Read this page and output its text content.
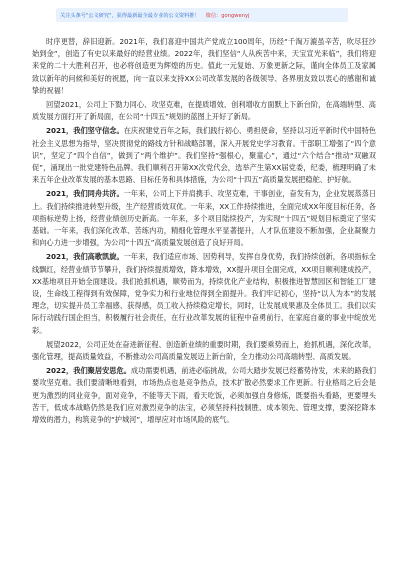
关注头条号"公文研究"，获得最新最全最专业的公文资料推！ 微信：gongwenyj

时序更替，辞旧迎新。2021年，我们喜迎中国共产党成立100周年，历经“千淘万漉虽辛苦，吹尽狂沙始到金”，创造了有史以来最好的经营业绩。2022年，我们坚信“人从疾苦中来，天宝宣光来临”，我们将迎来党的二十大胜利召开，也必将创造更为辉煌的历史。值此一元复始、万象更新之际，谨向全体员工及家属致以新年的问候和美好的祝愿，向一直以来支持XX公司改革发展的各级领导、各界朋友致以衷心的感谢和诚挚的祝福！

回望2021，公司上下勠力同心、攻坚克难，在提质增效、创利增收方面默上下新台阶，在高端转型、高质发展方面打开了新局面，在公司“十四五”规划的蓝图上开好了新局。

2021，我们坚守信念。在庆祝建党百年之际，我们践行初心、勇担使命，坚持以习近平新时代中国特色社会主义思想为指导，坚决贯彻党的路线方针和战略部署，深入开展党史学习教育。干部职工增强了“四个意识”，坚定了“四个自信”，做到了“两个维护”。我们坚持“强根心，聚童心”，通过“六个结合”推动“双融双促”，涌现出一批党建特色品牌。我们顺利召开第XX次党代会，选举产生第XX届党委，纪委，梳理明确了未来五年企业改革发展的基本思路、目标任务和具体措施，为公司“十四五”高质量发展把稳舵、护好航。

2021，我们同舟共济。一年来，公司上下并肩携手、攻坚克难，干事创业，奋发有为，企业发展蒸蒸日上。我们持续推进转型升级，生产经营质效双优。一年来，XX工作持续推进，全面完成XX年度目标任务，各项指标逆势上扬，经营业绩创历史新高。一年来，多个项目陆续投产，为实现“十四五”规划目标奠定了坚实基础。一年来，我们深化改革、苦练内功，精细化管理水平显著提升，人才队伍建设不断加强，企业凝聚力和向心力进一步增强，为公司“十四五”高质量发展创造了良好开局。

2021，我们高歌凯旋。一年来，我们适应市场、因势利导，发挥自身优势，我们持续创新，各项指标全线飘红，经营业绩节节攀升，我们持续提质增效，降本增效，XX提升项目全面完成，XX项目顺利建成投产，XX基地项目开始全面建设。我们抢抓机遇，顺势而为，持续优化产业结构，积极推进智慧园区和智能工厂建设，生命线工程得到有效保障，党争实力和行业地位得到全面提升。我们牢记初心，坚持“以人为本”的发展理念，切实提升员工幸福感、获得感，员工收入持续稳定增长，同时，让发展成果惠及全体员工。我们以实际行动践行国企担当，积极履行社会责任，在行业改革发展的征程中奋勇前行，在家庭自豪的事业中绽放光彩。

展望2022，公司正处在奋进新征程、创造新业绩的重要时期，我们要乘势而上，抢抓机遇，深化改革，强化管理，提高质量效益，不断推动公司高质量发展迈上新台阶，全力推动公司高端转型、高质发展。

2022，我们聚居安思危。成功需要机遇，前进必临挑战，公司大踏步发展已经蓄势待发，未来的路我们要攻坚克难。我们要清晰地看到，市场热点也是竞争热点，技术扩散必然要求工作更新。行业格局之后会是更为激烈的同业竞争，面对竞争，不能等天下雨，看天吃饭，必须加强自身修炼，既要指头看路，更要埋头苦干，低成本战略仍然是我们应对激烈竞争的法宝，必须坚持科技制胜、成本领先、管理支撑，要深挖降本增效的潜力，构筑竞争的“护城河”，增厚应对市场风险的底气。
